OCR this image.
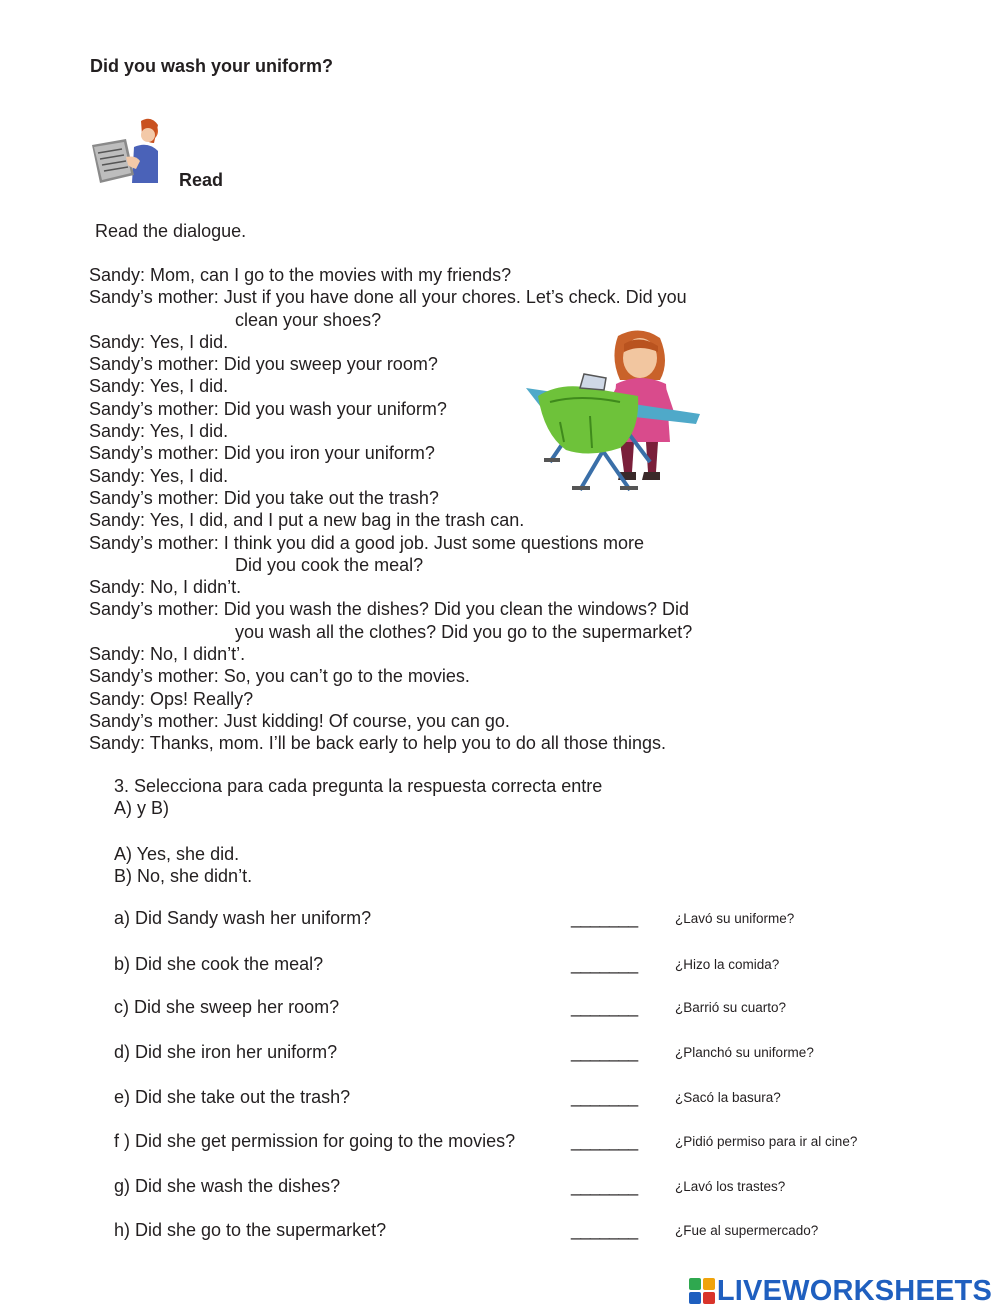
Did you wash your uniform?
Read
Read the dialogue.
Sandy: Mom, can I go to the movies with my friends?
Sandy’s mother: Just if you have done all your chores. Let’s check. Did you
clean your shoes?
Sandy: Yes, I did.
Sandy’s mother: Did you sweep your room?
Sandy: Yes, I did.
Sandy’s mother: Did you wash your uniform?
Sandy: Yes, I did.
Sandy’s mother: Did you iron your uniform?
Sandy: Yes, I did.
Sandy’s mother: Did you take out the trash?
Sandy: Yes, I did, and I put a new bag in the trash can.
Sandy’s mother: I think you did a good job. Just some questions more
Did you cook the meal?
Sandy: No, I didn’t.
Sandy’s mother: Did you wash the dishes? Did you clean the windows? Did
you wash all the clothes? Did you go to the supermarket?
Sandy: No, I didn’t’.
Sandy’s mother: So, you can’t go to the movies.
Sandy: Ops! Really?
Sandy’s mother: Just kidding! Of course, you can go.
Sandy: Thanks, mom. I’ll be back early to help you to do all those things.
3. Selecciona para cada pregunta la respuesta correcta entre
A) y B)
A) Yes, she did.
B) No, she didn’t.
a) Did Sandy wash her uniform?	_______	¿Lavó su uniforme?
b) Did she cook the meal?	_______	¿Hizo la comida?
c) Did she sweep her room?	_______	¿Barrió su cuarto?
d) Did she iron her uniform?	_______	¿Planchó su uniforme?
e) Did she take out the trash?	_______	¿Sacó la basura?
f ) Did she get permission for going to the movies?	_______	¿Pidió permiso para ir al cine?
g) Did she wash the dishes?	_______	¿Lavó los trastes?
h) Did she go to the supermarket?	_______	¿Fue al supermercado?
LIVEWORKSHEETS
